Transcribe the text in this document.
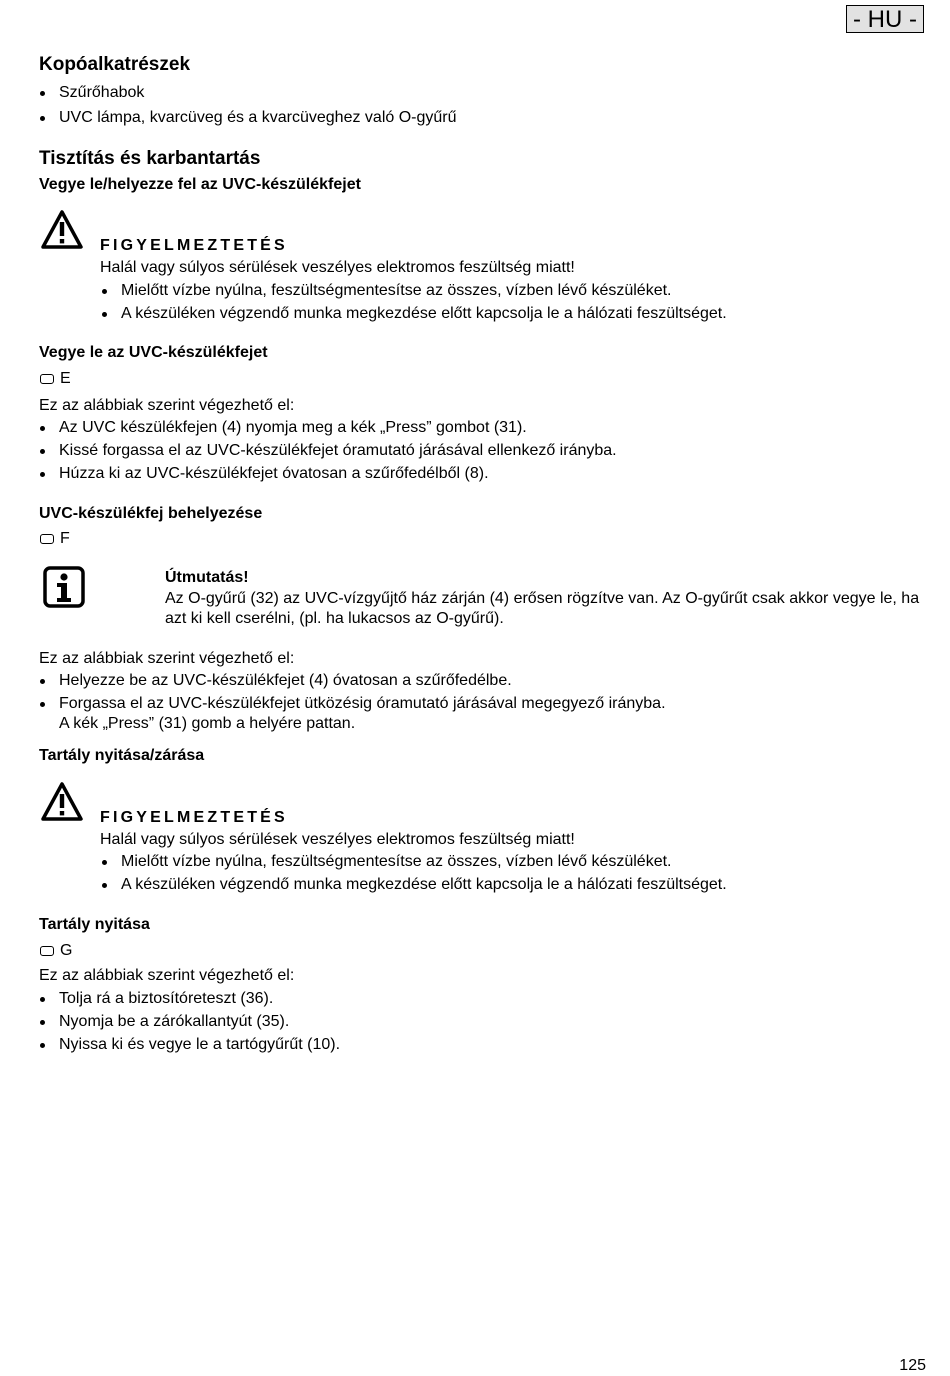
- HU -
125
Kopóalkatrészek
Szűrőhabok
UVC lámpa, kvarcüveg és a kvarcüveghez való O-gyűrű
Tisztítás és karbantartás
Vegye le/helyezze fel az UVC-készülékfejet
FIGYELMEZTETÉS
Halál vagy súlyos sérülések veszélyes elektromos feszültség miatt!
Mielőtt vízbe nyúlna, feszültségmentesítse az összes, vízben lévő készüléket.
A készüléken végzendő munka megkezdése előtt kapcsolja le a hálózati feszültséget.
Vegye le az UVC-készülékfejet
E
Ez az alábbiak szerint végezhető el:
Az UVC készülékfejen (4) nyomja meg a kék „Press” gombot (31).
Kissé forgassa el az UVC-készülékfejet óramutató járásával ellenkező irányba.
Húzza ki az UVC-készülékfejet óvatosan a szűrőfedélből (8).
UVC-készülékfej behelyezése
F
Útmutatás!
Az O-gyűrű (32) az UVC-vízgyűjtő ház zárján (4) erősen rögzítve van. Az O-gyűrűt csak akkor vegye le, ha azt ki kell cserélni, (pl. ha lukacsos az O-gyűrű).
Ez az alábbiak szerint végezhető el:
Helyezze be az UVC-készülékfejet (4) óvatosan a szűrőfedélbe.
Forgassa el az UVC-készülékfejet ütközésig óramutató járásával megegyező irányba.
A kék „Press” (31) gomb a helyére pattan.
Tartály nyitása/zárása
FIGYELMEZTETÉS
Halál vagy súlyos sérülések veszélyes elektromos feszültség miatt!
Mielőtt vízbe nyúlna, feszültségmentesítse az összes, vízben lévő készüléket.
A készüléken végzendő munka megkezdése előtt kapcsolja le a hálózati feszültséget.
Tartály nyitása
G
Ez az alábbiak szerint végezhető el:
Tolja rá a biztosítóreteszt (36).
Nyomja be a zárókallantyút (35).
Nyissa ki és vegye le a tartógyűrűt (10).
